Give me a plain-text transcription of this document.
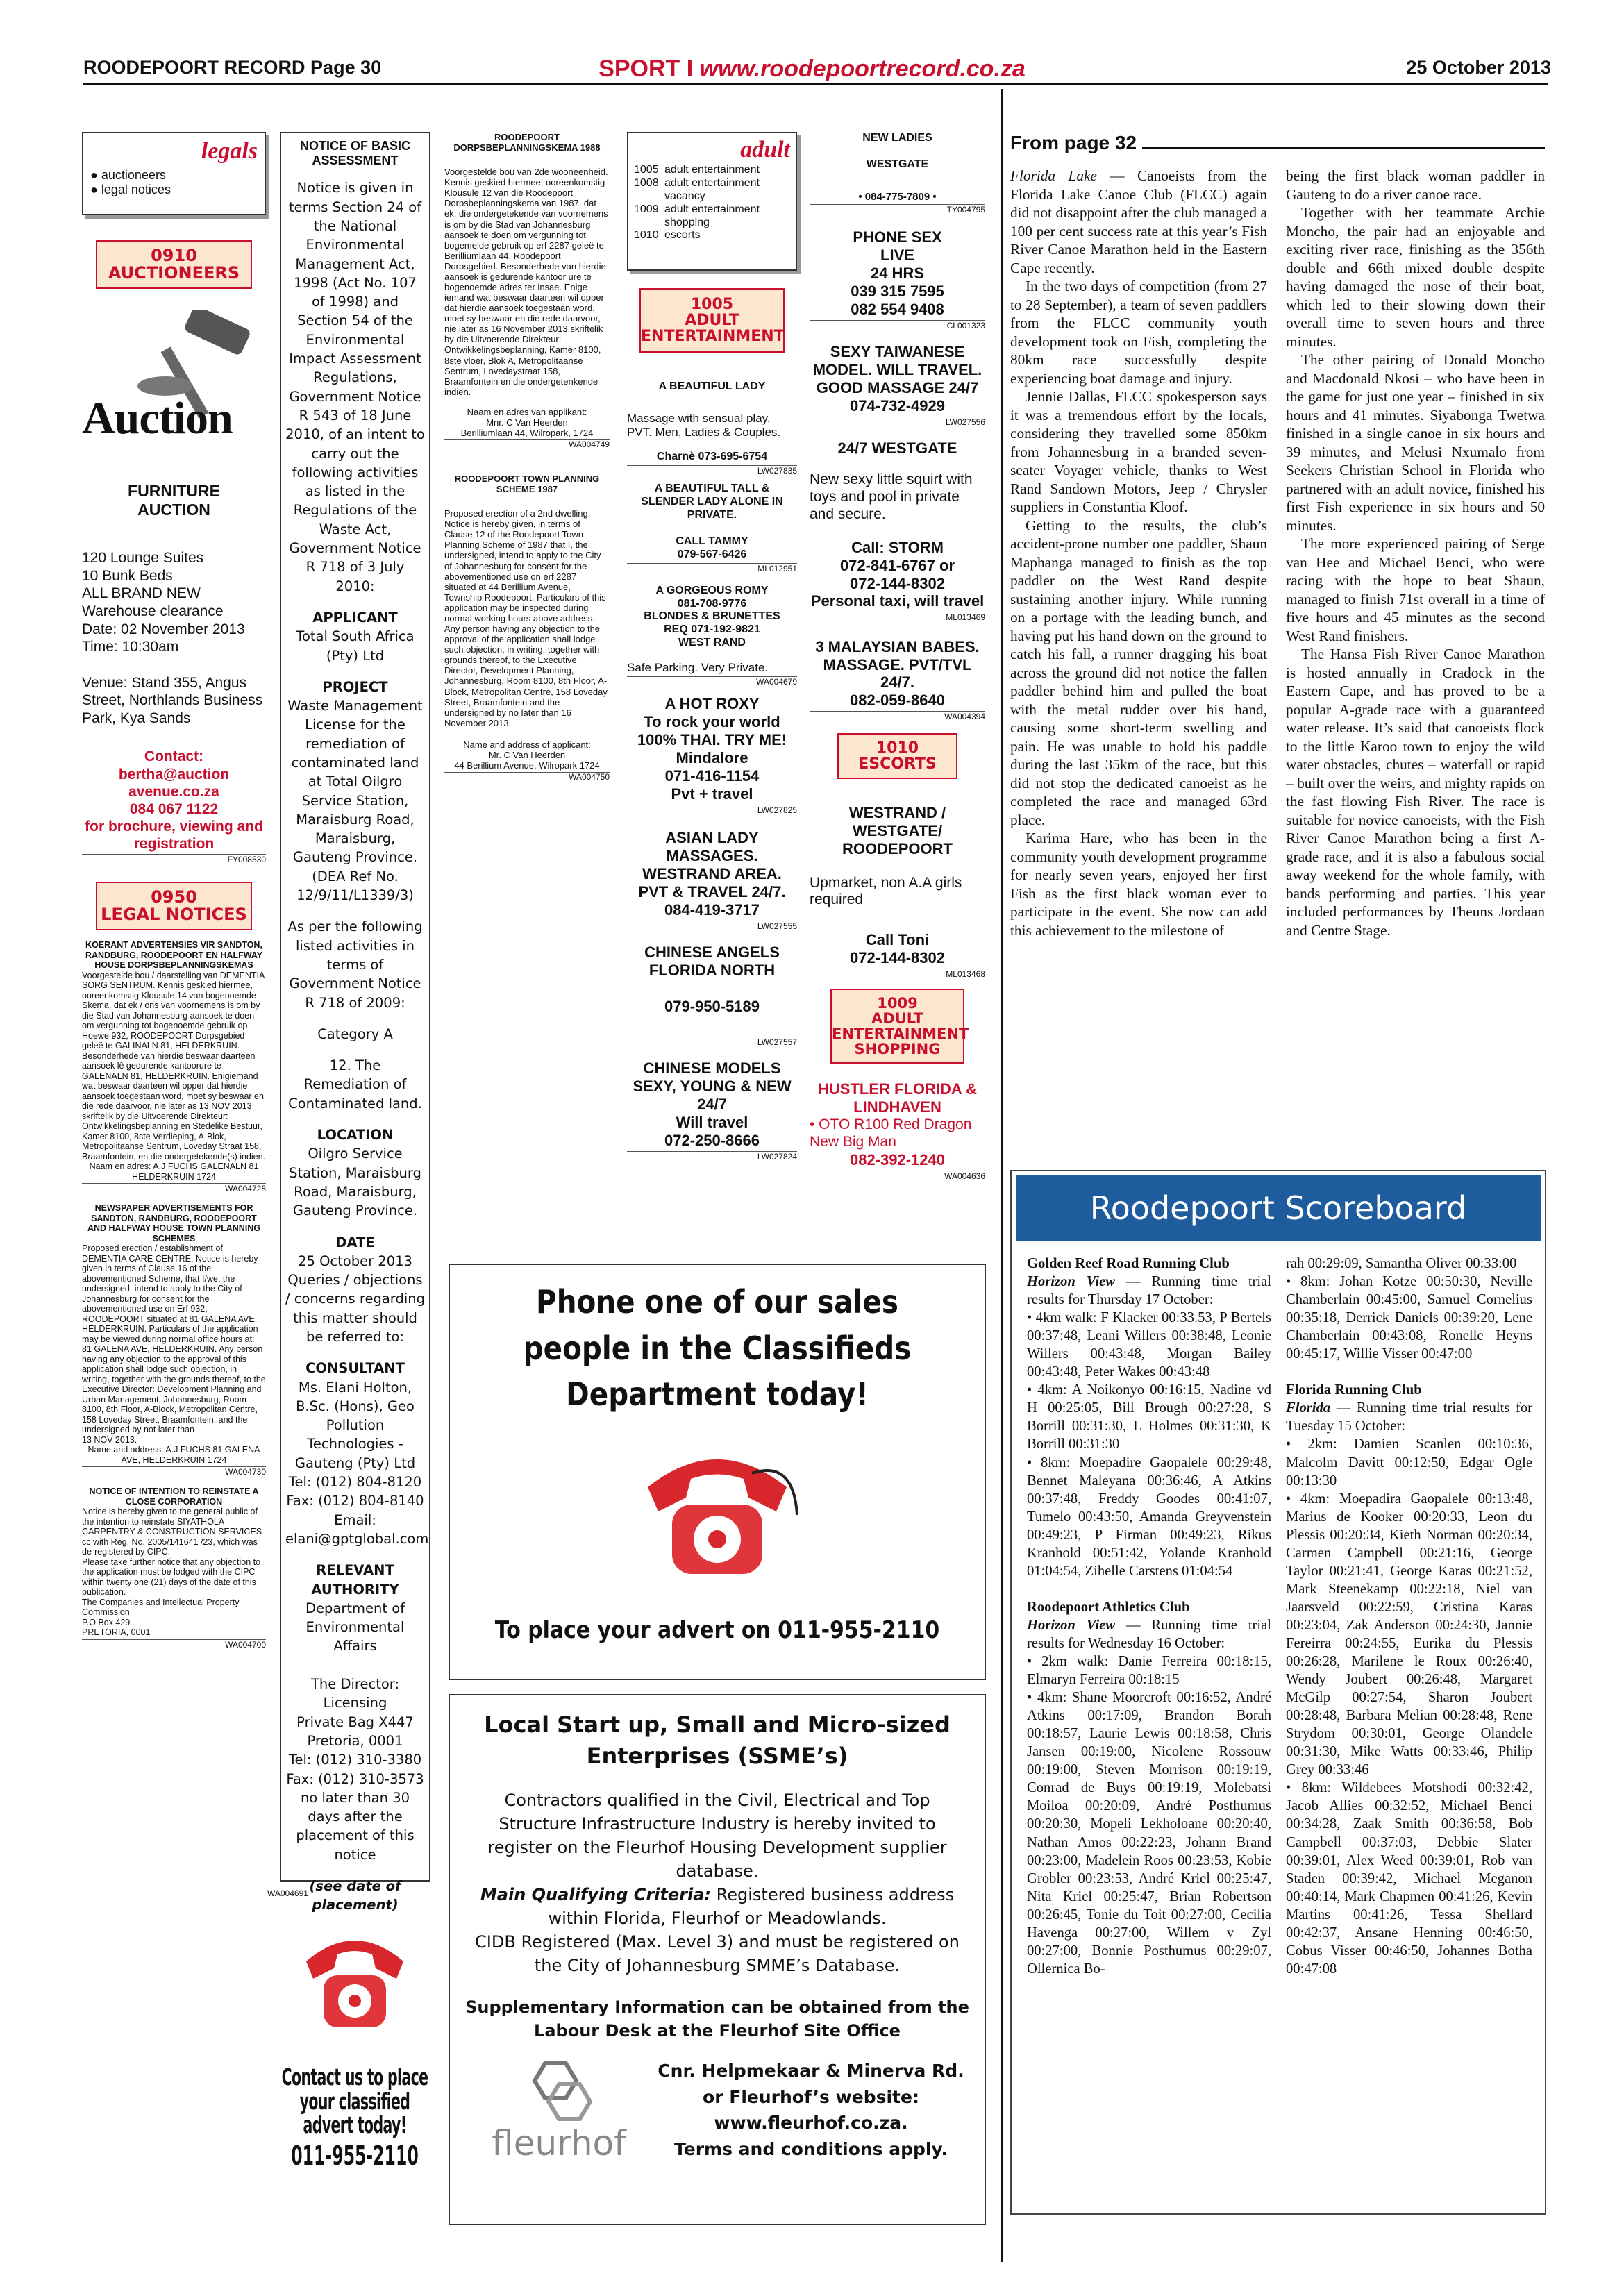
ROODEPOORT RECORD Page 30	SPORT I www.roodepoortrecord.co.za	25 October 2013
legals
● auctioneers
● legal notices
0910
AUCTIONEERS
Auction
FURNITURE
AUCTION
120 Lounge Suites
10 Bunk Beds
ALL BRAND NEW
Warehouse clearance
Date: 02 November 2013
Time: 10:30am

Venue: Stand 355, Angus Street, Northlands Business Park, Kya Sands
Contact:
bertha@auction avenue.co.za
084 067 1122
for brochure, viewing and registration
FY008530
0950
LEGAL NOTICES
KOERANT ADVERTENSIES VIR SANDTON, RANDBURG, ROODEPOORT EN HALFWAY HOUSE DORPSBEPLANNINGSKEMAS
Voorgestelde bou / daarstelling van DEMENTIA SORG SENTRUM. Kennis geskied hiermee, ooreenkomstig Klousule 14 van bogenoemde Skema, dat ek / ons van voornemens is om by die Stad van Johannesburg aansoek te doen om vergunning tot bogenoemde gebruik op Hoewe 932, ROODEPOORT Dorpsgebied geleë te GALINALN 81, HELDERKRUIN. Besonderhede van hierdie beswaar daarteen aansoek lê gedurende kantoorure te GALENALN 81, HELDERKRUIN. Enigiemand wat beswaar daarteen wil opper dat hierdie aansoek toegestaan word, moet sy beswaar en die rede daarvoor, nie later as 13 NOV 2013 skriftelik by die Uitvoerende Direkteur: Ontwikkelingsbeplanning en Stedelike Bestuur, Kamer 8100, 8ste Verdieping, A-Blok, Metropolitaanse Sentrum, Loveday Straat 158, Braamfontein, en die ondergetekende(s) indien.
Naam en adres: A.J FUCHS GALENALN 81 HELDERKRUIN 1724
WA004728
NEWSPAPER ADVERTISEMENTS FOR SANDTON, RANDBURG, ROODEPOORT AND HALFWAY HOUSE TOWN PLANNING SCHEMES
Proposed erection / establishment of DEMENTIA CARE CENTRE. Notice is hereby given in terms of Clause 16 of the abovementioned Scheme, that I/we, the undersigned, intend to apply to the City of Johannesburg for consent for the abovementioned use on Erf 932, ROODEPOORT situated at 81 GALENA AVE, HELDERKRUIN. Particulars of the application may be viewed during normal office hours at: 81 GALENA AVE, HELDERKRUIN. Any person having any objection to the approval of this application shall lodge such objection, in writing, together with the grounds thereof, to the Executive Director: Development Planning and Urban Management, Johannesburg, Room 8100, 8th Floor, A-Block, Metropolitan Centre, 158 Loveday Street, Braamfontein, and the undersigned by not later than
13 NOV 2013.
Name and address: A.J FUCHS 81 GALENA AVE, HELDERKRUIN 1724
WA004730
NOTICE OF INTENTION TO REINSTATE A CLOSE CORPORATION
Notice is hereby given to the general public of the intention to reinstate SIYATHOLA CARPENTRY & CONSTRUCTION SERVICES cc with Reg. No. 2005/141641 /23, which was de-registered by CIPC.
Please take further notice that any objection to the application must be lodged with the CIPC within twenty one (21) days of the date of this publication.
The Companies and Intellectual Property Commission
P.O Box 429
PRETORIA, 0001
WA004700
NOTICE OF BASIC ASSESSMENT
Notice is given in terms Section 24 of the National Environmental Management Act, 1998 (Act No. 107 of 1998) and Section 54 of the Environmental Impact Assessment Regulations, Government Notice R 543 of 18 June 2010, of an intent to carry out the following activities as listed in the Regulations of the Waste Act, Government Notice R 718 of 3 July 2010:
APPLICANT
Total South Africa (Pty) Ltd
PROJECT
Waste Management License for the remediation of contaminated land at Total Oilgro Service Station, Maraisburg Road, Maraisburg, Gauteng Province.
(DEA Ref No. 12/9/11/L1339/3)
As per the following listed activities in terms of Government Notice R 718 of 2009:
Category A
12. The Remediation of Contaminated land.
LOCATION
Oilgro Service Station, Maraisburg Road, Maraisburg, Gauteng Province.
DATE
25 October 2013
Queries / objections / concerns regarding this matter should be referred to:
CONSULTANT
Ms. Elani Holton, B.Sc. (Hons), Geo Pollution Technologies - Gauteng (Pty) Ltd
Tel: (012) 804-8120
Fax: (012) 804-8140
Email:
elani@gptglobal.com
RELEVANT AUTHORITY
Department of Environmental Affairs

The Director: Licensing
Private Bag X447
Pretoria, 0001
Tel: (012) 310-3380
Fax: (012) 310-3573
no later than 30 days after the placement of this notice
(see date of placement)
WA004691
Contact us to place your classified advert today!
011-955-2110
ROODEPOORT DORPSBEPLANNINGSKEMA 1988
Voorgestelde bou van 2de wooneenheid. Kennis geskied hiermee, ooreenkomstig Klousule 12 van die Roodepoort Dorpsbeplanningskema van 1987, dat ek, die ondergetekende van voornemens is om by die Stad van Johannesburg aansoek te doen om vergunning tot bogemelde gebruik op erf 2287 geleë te Berilliumlaan 44, Roodepoort Dorpsgebied. Besonderhede van hierdie aansoek is gedurende kantoor ure te bogenoemde adres ter insae. Enige iemand wat beswaar daarteen wil opper dat hierdie aansoek toegestaan word, moet sy beswaar en die rede daarvoor, nie later as 16 November 2013 skriftelik by die Uitvoerende Direkteur: Ontwikkelingsbeplanning, Kamer 8100, 8ste vloer, Blok A, Metropolitaanse Sentrum, Lovedaystraat 158, Braamfontein en die ondergetenkende indien.
Naam en adres van applikant:
Mnr. C Van Heerden
Berilliumlaan 44, Wilropark, 1724
WA004749
ROODEPOORT TOWN PLANNING SCHEME 1987
Proposed erection of a 2nd dwelling. Notice is hereby given, in terms of Clause 12 of the Roodepoort Town Planning Scheme of 1987 that I, the undersigned, intend to apply to the City of Johannesburg for consent for the abovementioned use on erf 2287 situated at 44 Berillium Avenue, Township Roodepoort. Particulars of this application may be inspected during normal working hours above address. Any person having any objection to the approval of the application shall lodge such objection, in writing, together with grounds thereof, to the Executive Director, Development Planning, Johannesburg, Room 8100, 8th Floor, A-Block, Metropolitan Centre, 158 Loveday Street, Braamfontein and the undersigned by no later than 16 November 2013.
Name and address of applicant:
Mr. C Van Heerden
44 Berillium Avenue, Wilropark 1724
WA004750
adult
1005 adult entertainment
1008 adult entertainment vacancy
1009 adult entertainment shopping
1010 escorts
1005
ADULT
ENTERTAINMENT
A BEAUTIFUL LADY
Massage with sensual play. PVT. Men, Ladies & Couples.
Charnè 073-695-6754
LW027835
A BEAUTIFUL TALL & SLENDER LADY ALONE IN PRIVATE.

CALL TAMMY
079-567-6426
ML012951
A GORGEOUS ROMY
081-708-9776
BLONDES & BRUNETTES
REQ 071-192-9821
WEST RAND
Safe Parking. Very Private.
WA004679
A HOT ROXY
To rock your world
100% THAI. TRY ME!
Mindalore
071-416-1154
Pvt + travel
LW027825
ASIAN LADY MASSAGES. WESTRAND AREA. PVT & TRAVEL 24/7.
084-419-3717
LW027555
CHINESE ANGELS
FLORIDA NORTH

079-950-5189
LW027557
CHINESE MODELS SEXY, YOUNG & NEW
24/7
Will travel
072-250-8666
LW027824
NEW LADIES

WESTGATE
• 084-775-7809 •
TY004795
PHONE SEX
LIVE
24 HRS
039 315 7595
082 554 9408
CL001323
SEXY TAIWANESE MODEL. WILL TRAVEL. GOOD MASSAGE 24/7
074-732-4929
LW027556
24/7 WESTGATE
New sexy little squirt with toys and pool in private and secure.
Call: STORM
072-841-6767 or
072-144-8302
Personal taxi, will travel
ML013469
3 MALAYSIAN BABES. MASSAGE. PVT/TVL 24/7.
082-059-8640
WA004394
1010
ESCORTS
WESTRAND /
WESTGATE/
ROODEPOORT
Upmarket, non A.A girls required
Call Toni
072-144-8302
ML013468
1009
ADULT
ENTERTAINMENT
SHOPPING
HUSTLER FLORIDA & LINDHAVEN
• OTO R100 Red Dragon New Big Man
082-392-1240
WA004636
Phone one of our sales people in the Classifieds Department today!
To place your advert on 011-955-2110
Local Start up, Small and Micro-sized Enterprises (SSME’s)
Contractors qualified in the Civil, Electrical and Top Structure Infrastructure Industry is hereby invited to register on the Fleurhof Housing Development supplier database.
Main Qualifying Criteria: Registered business address within Florida, Fleurhof or Meadowlands.
CIDB Registered (Max. Level 3) and must be registered on the City of Johannesburg SMME’s Database.
Supplementary Information can be obtained from the Labour Desk at the Fleurhof Site Office
fleurhof
Cnr. Helpmekaar & Minerva Rd.
or Fleurhof’s website:
www.fleurhof.co.za.
Terms and conditions apply.
From page 32

Florida Lake — Canoeists from the Florida Lake Canoe Club (FLCC) again did not disappoint after the club managed a 100 per cent success rate at this year’s Fish River Canoe Marathon held in the Eastern Cape recently.

In the two days of competition (from 27 to 28 September), a team of seven paddlers from the FLCC community youth development took on Fish, completing the 80km race successfully despite experiencing boat damage and injury.

Jennie Dallas, FLCC spokesperson says it was a tremendous effort by the locals, considering they travelled some 850km from Johannesburg in a branded seven-seater Voyager vehicle, thanks to West Rand Sandown Motors, Jeep / Chrysler suppliers in Constantia Kloof.

Getting to the results, the club’s accident-prone number one paddler, Shaun Maphanga managed to finish as the top paddler on the West Rand despite sustaining another injury. While running on a portage with the leading bunch, and having put his hand down on the ground to catch his fall, a runner dragging his boat across the ground did not notice the fallen paddler behind him and pulled the boat with the metal rudder over his hand, causing some short-term swelling and pain. He was unable to hold his paddle during the last 35km of the race, but this did not stop the dedicated canoeist as he completed the race and managed 63rd place.

Karima Hare, who has been in the community youth development programme for nearly seven years, enjoyed her first Fish as the first black woman ever to participate in the event. She now can add this achievement to the milestone of

being the first black woman paddler in Gauteng to do a river canoe race.

Together with her teammate Archie Moncho, the pair had an enjoyable and exciting river race, finishing as the 356th double and 66th mixed double despite having damaged the nose of their boat, which led to their slowing down their overall time to seven hours and three minutes.

The other pairing of Donald Moncho and Macdonald Nkosi – who have been in the game for just one year – finished in six hours and 41 minutes. Siyabonga Twetwa finished in a single canoe in six hours and 39 minutes, and Melusi Nxumalo from Seekers Christian School in Florida who partnered with an adult novice, finished his first Fish experience in six hours and 50 minutes.

The more experienced pairing of Serge van Hee and Michael Benci, who were racing with the hope to beat Shaun, managed to finish 71st overall in a time of five hours and 45 minutes as the second West Rand finishers.

The Hansa Fish River Canoe Marathon is hosted annually in Cradock in the Eastern Cape, and has proved to be a popular A-grade race with a guaranteed water release. It’s said that canoeists flock to the little Karoo town to enjoy the wild water obstacles, chutes – waterfall or rapid – built over the weirs, and mighty rapids on the fast flowing Fish River. The race is suitable for novice canoeists, with the Fish River Canoe Marathon being a first A-grade race, and it is also a fabulous social away weekend for the whole family, with bands performing and parties. This year included performances by Theuns Jordaan and Centre Stage.

Roodepoort Scoreboard
Golden Reef Road Running Club
Horizon View — Running time trial results for Thursday 17 October:
• 4km walk: F Klacker 00:33.53, P Bertels 00:37:48, Leani Willers 00:38:48, Leonie Willers 00:43:48, Morgan Bailey 00:43:48, Peter Wakes 00:43:48
• 4km: A Noikonyo 00:16:15, Nadine vd H 00:25:05, Bill Brough 00:27:28, S Borrill 00:31:30, L Holmes 00:31:30, K Borrill 00:31:30
• 8km: Moepadire Gaopalele 00:29:48, Bennet Maleyana 00:36:46, A Atkins 00:37:48, Freddy Goodes 00:41:07, Tumelo 00:43:50, Amanda Greyvenstein 00:49:23, P Firman 00:49:23, Rikus Kranhold 00:51:42, Yolande Kranhold 01:04:54, Zihelle Carstens 01:04:54

Roodepoort Athletics Club
Horizon View — Running time trial results for Wednesday 16 October:
• 2km walk: Danie Ferreira 00:18:15, Elmaryn Ferreira 00:18:15
• 4km: Shane Moorcroft 00:16:52, André Atkins 00:17:09, Brandon Borah 00:18:57, Laurie Lewis 00:18:58, Chris Jansen 00:19:00, Nicolene Rossouw 00:19:00, Steven Morrison 00:19:19, Conrad de Buys 00:19:19, Molebatsi Moiloa 00:20:09, André Posthumus 00:20:30, Mopeli Lekholoane 00:20:40, Nathan Amos 00:22:23, Johann Brand 00:23:00, Madelein Roos 00:23:53, Kobie Grobler 00:23:53, André Kriel 00:25:47, Nita Kriel 00:25:47, Brian Robertson 00:26:45, Tonie du Toit 00:27:00, Cecilia Havenga 00:27:00, Willem v Zyl 00:27:00, Bonnie Posthumus 00:29:07, Ollernica Bo-
rah 00:29:09, Samantha Oliver 00:33:00
• 8km: Johan Kotze 00:50:30, Neville Chamberlain 00:45:00, Samuel Cornelius 00:35:18, Derrick Daniels 00:39:20, Lene Chamberlain 00:43:08, Ronelle Heyns 00:45:17, Willie Visser 00:47:00

Florida Running Club
Florida — Running time trial results for Tuesday 15 October:
• 2km: Damien Scanlen 00:10:36, Malcolm Davitt 00:12:50, Edgar Ogle 00:13:30
• 4km: Moepadira Gaopalele 00:13:48, Marius de Kooker 00:20:33, Leon du Plessis 00:20:34, Kieth Norman 00:20:34, Carmen Campbell 00:21:16, George Taylor 00:21:41, George Karas 00:21:52, Mark Steenekamp 00:22:18, Niel van Jaarsveld 00:22:59, Cristina Karas 00:23:04, Zak Anderson 00:24:30, Jannie Fereirra 00:24:55, Eurika du Plessis 00:26:28, Marilene le Roux 00:26:40, Wendy Joubert 00:26:48, Margaret McGilp 00:27:54, Sharon Joubert 00:28:48, Barbara Melian 00:28:48, Rene Strydom 00:30:01, George Olandele 00:31:30, Mike Watts 00:33:46, Philip Grey 00:33:46
• 8km: Wildebees Motshodi 00:32:42, Jacob Allies 00:32:52, Michael Benci 00:34:28, Zaak Smith 00:36:58, Bob Campbell 00:37:03, Debbie Slater 00:39:01, Alex Weed 00:39:01, Rob van Staden 00:39:42, Michael Meganon 00:40:14, Mark Chapmen 00:41:26, Kevin Martins 00:41:26, Tessa Shellard 00:42:37, Ansane Henning 00:46:50, Cobus Visser 00:46:50, Johannes Botha 00:47:08
